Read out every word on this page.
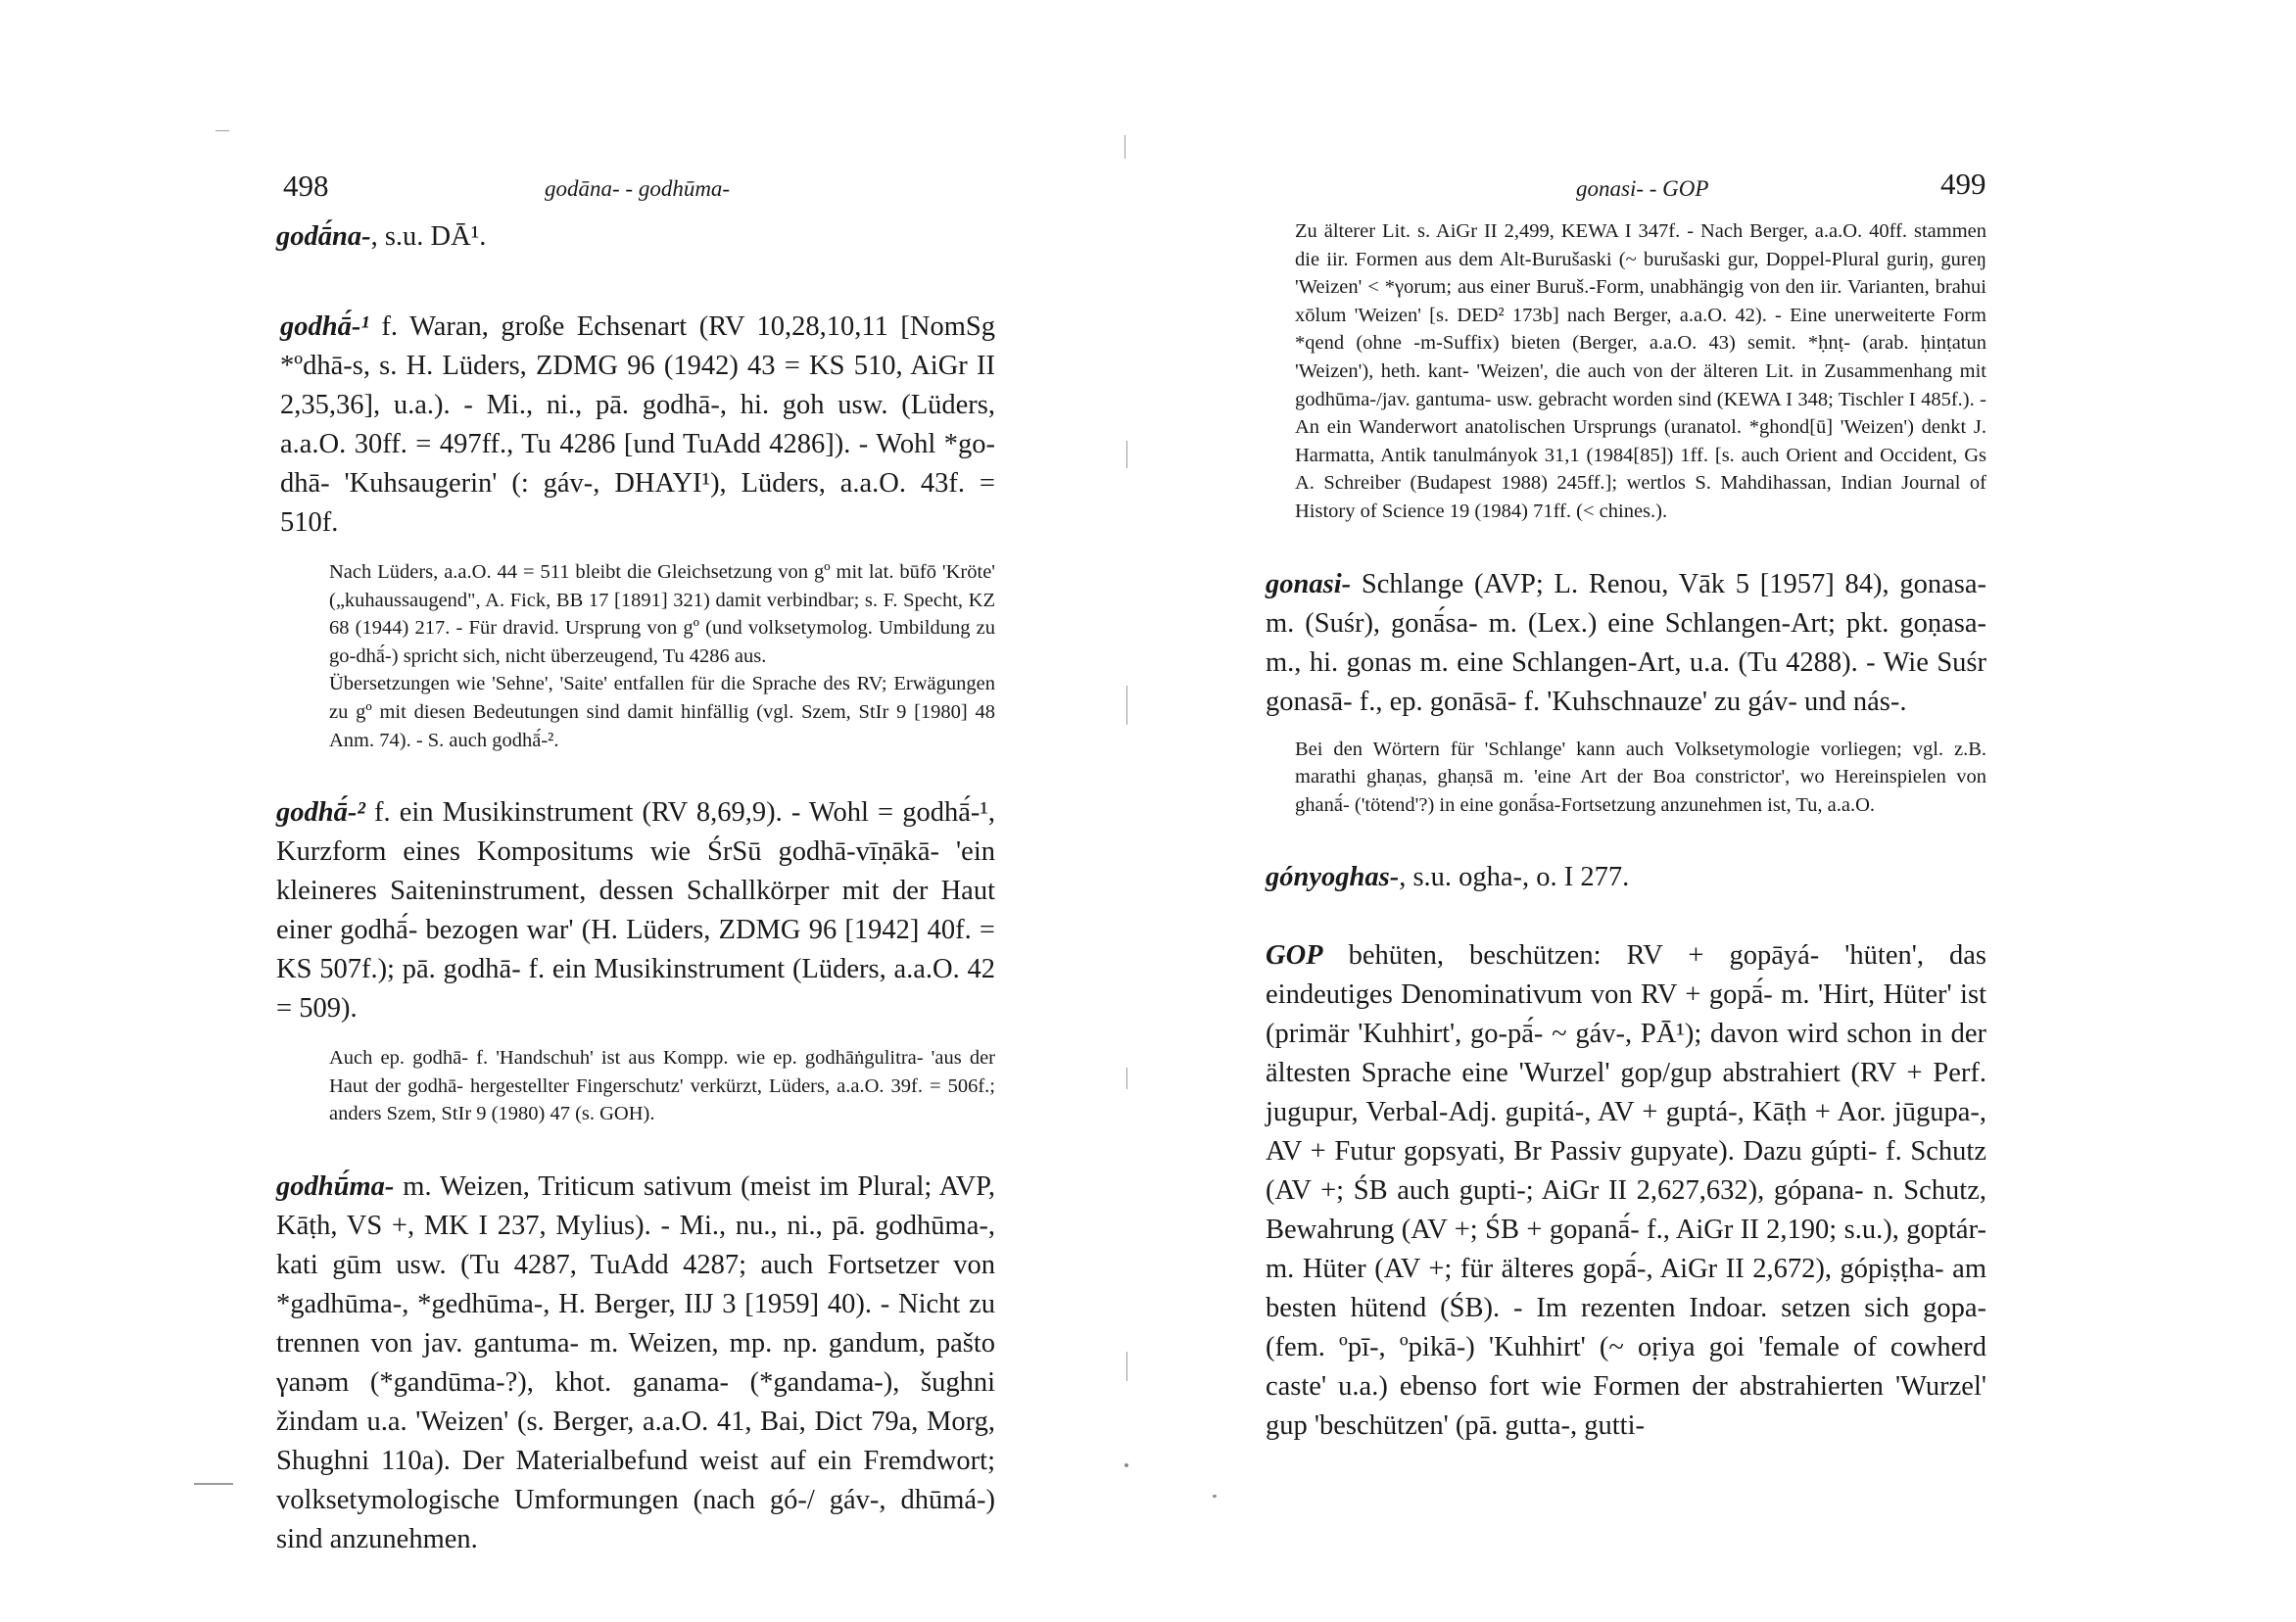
498	godāna- - godhūma-

godā́na-, s.u. DĀ¹.

godhā́-¹ f. Waran, große Echsenart (RV 10,28,10,11 [NomSg *ºdhā-s, s. H. Lüders, ZDMG 96 (1942) 43 = KS 510, AiGr II 2,35,36], u.a.). - Mi., ni., pā. godhā-, hi. goh usw. (Lüders, a.a.O. 30ff. = 497ff., Tu 4286 [und TuAdd 4286]). - Wohl *go-dhā- 'Kuhsaugerin' (: gáv-, DHAYI¹), Lüders, a.a.O. 43f. = 510f.

Nach Lüders, a.a.O. 44 = 511 bleibt die Gleichsetzung von gº mit lat. būfō 'Kröte' („kuhaussaugend", A. Fick, BB 17 [1891] 321) damit verbindbar; s. F. Specht, KZ 68 (1944) 217. - Für dravid. Ursprung von gº (und volksetymolog. Umbildung zu go-dhā́-) spricht sich, nicht überzeugend, Tu 4286 aus.

Übersetzungen wie 'Sehne', 'Saite' entfallen für die Sprache des RV; Erwägungen zu gº mit diesen Bedeutungen sind damit hinfällig (vgl. Szem, StIr 9 [1980] 48 Anm. 74). - S. auch godhā́-².

godhā́-² f. ein Musikinstrument (RV 8,69,9). - Wohl = godhā́-¹, Kurzform eines Kompositums wie ŚrSū godhā-vīṇākā- 'ein kleineres Saiteninstrument, dessen Schallkörper mit der Haut einer godhā́- bezogen war' (H. Lüders, ZDMG 96 [1942] 40f. = KS 507f.); pā. godhā- f. ein Musikinstrument (Lüders, a.a.O. 42 = 509).

Auch ep. godhā- f. 'Handschuh' ist aus Kompp. wie ep. godhāṅgulitra- 'aus der Haut der godhā- hergestellter Fingerschutz' verkürzt, Lüders, a.a.O. 39f. = 506f.; anders Szem, StIr 9 (1980) 47 (s. GOH).

godhū́ma- m. Weizen, Triticum sativum (meist im Plural; AVP, Kāṭh, VS +, MK I 237, Mylius). - Mi., nu., ni., pā. godhūma-, kati gūm usw. (Tu 4287, TuAdd 4287; auch Fortsetzer von *gadhūma-, *gedhūma-, H. Berger, IIJ 3 [1959] 40). - Nicht zu trennen von jav. gantuma- m. Weizen, mp. np. gandum, pašto γanəm (*gandūma-?), khot. ganama- (*gandama-), šughni žindam u.a. 'Weizen' (s. Berger, a.a.O. 41, Bai, Dict 79a, Morg, Shughni 110a). Der Materialbefund weist auf ein Fremdwort; volksetymologische Umformungen (nach gó-/ gáv-, dhūmá-) sind anzunehmen.

gonasi- - GOP	499

Zu älterer Lit. s. AiGr II 2,499, KEWA I 347f. - Nach Berger, a.a.O. 40ff. stammen die iir. Formen aus dem Alt-Burušaski (~ burušaski gur, Doppel-Plural guriŋ, gureŋ 'Weizen' < *γorum; aus einer Buruš.-Form, unabhängig von den iir. Varianten, brahui xōlum 'Weizen' [s. DED² 173b] nach Berger, a.a.O. 42). - Eine unerweiterte Form *qend (ohne -m-Suffix) bieten (Berger, a.a.O. 43) semit. *ḥnṭ- (arab. ḥinṭatun 'Weizen'), heth. kant- 'Weizen', die auch von der älteren Lit. in Zusammenhang mit godhūma-/jav. gantuma- usw. gebracht worden sind (KEWA I 348; Tischler I 485f.). - An ein Wanderwort anatolischen Ursprungs (uranatol. *ghond[ū] 'Weizen') denkt J. Harmatta, Antik tanulmányok 31,1 (1984[85]) 1ff. [s. auch Orient and Occident, Gs A. Schreiber (Budapest 1988) 245ff.]; wertlos S. Mahdihassan, Indian Journal of History of Science 19 (1984) 71ff. (< chines.).

gonasi- Schlange (AVP; L. Renou, Vāk 5 [1957] 84), gonasa- m. (Suśr), gonā́sa- m. (Lex.) eine Schlangen-Art; pkt. goṇasa- m., hi. gonas m. eine Schlangen-Art, u.a. (Tu 4288). - Wie Suśr gonasā- f., ep. gonāsā- f. 'Kuhschnauze' zu gáv- und nás-.

Bei den Wörtern für 'Schlange' kann auch Volksetymologie vorliegen; vgl. z.B. marathi ghaṇas, ghaṇsā m. 'eine Art der Boa constrictor', wo Hereinspielen von ghanā́- ('tötend'?) in eine gonā́sa-Fortsetzung anzunehmen ist, Tu, a.a.O.

gónyoghas-, s.u. ogha-, o. I 277.

GOP behüten, beschützen: RV + gopāyá- 'hüten', das eindeutiges Denominativum von RV + gopā́- m. 'Hirt, Hüter' ist (primär 'Kuhhirt', go-pā́- ~ gáv-, PĀ¹); davon wird schon in der ältesten Sprache eine 'Wurzel' gop/gup abstrahiert (RV + Perf. jugupur, Verbal-Adj. gupitá-, AV + guptá-, Kāṭh + Aor. jūgupa-, AV + Futur gopsyati, Br Passiv gupyate). Dazu gúpti- f. Schutz (AV +; ŚB auch gupti-; AiGr II 2,627,632), gópana- n. Schutz, Bewahrung (AV +; ŚB + gopanā́- f., AiGr II 2,190; s.u.), goptár- m. Hüter (AV +; für älteres gopā́-, AiGr II 2,672), gópiṣṭha- am besten hütend (ŚB). - Im rezenten Indoar. setzen sich gopa- (fem. ºpī-, ºpikā-) 'Kuhhirt' (~ oṛiya goi 'female of cowherd caste' u.a.) ebenso fort wie Formen der abstrahierten 'Wurzel' gup 'beschützen' (pā. gutta-, gutti-
